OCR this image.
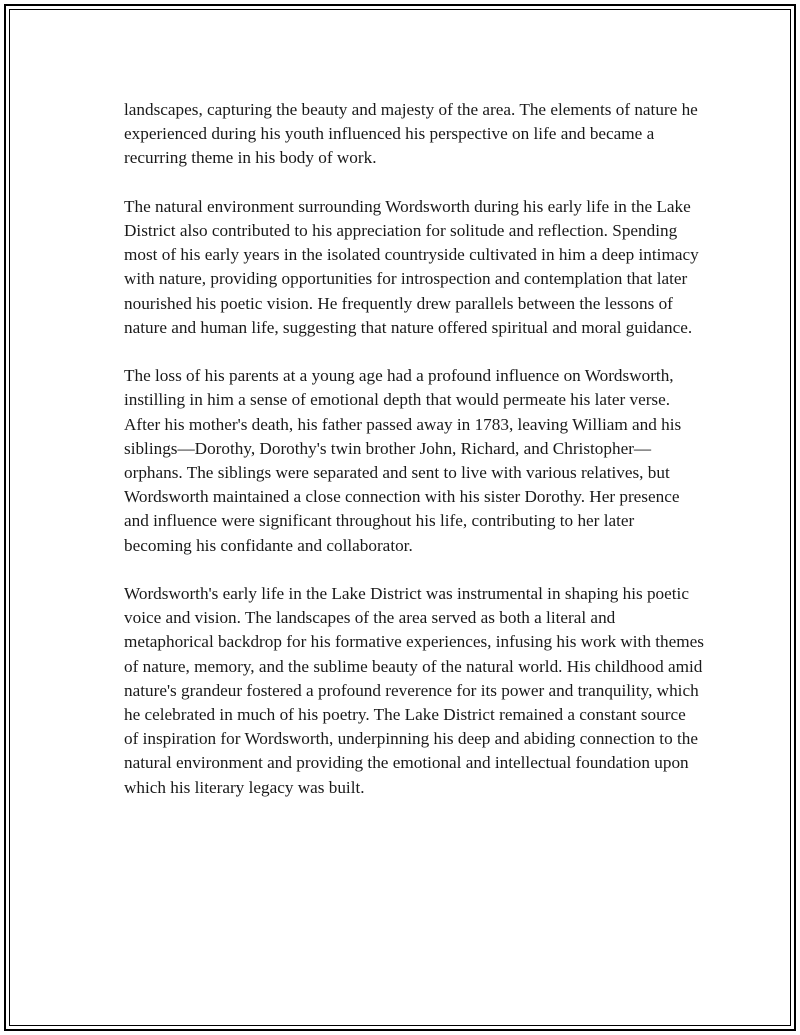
landscapes, capturing the beauty and majesty of the area. The elements of nature he experienced during his youth influenced his perspective on life and became a recurring theme in his body of work.

The natural environment surrounding Wordsworth during his early life in the Lake District also contributed to his appreciation for solitude and reflection. Spending most of his early years in the isolated countryside cultivated in him a deep intimacy with nature, providing opportunities for introspection and contemplation that later nourished his poetic vision. He frequently drew parallels between the lessons of nature and human life, suggesting that nature offered spiritual and moral guidance.

The loss of his parents at a young age had a profound influence on Wordsworth, instilling in him a sense of emotional depth that would permeate his later verse. After his mother's death, his father passed away in 1783, leaving William and his siblings—Dorothy, Dorothy's twin brother John, Richard, and Christopher—orphans. The siblings were separated and sent to live with various relatives, but Wordsworth maintained a close connection with his sister Dorothy. Her presence and influence were significant throughout his life, contributing to her later becoming his confidante and collaborator.

Wordsworth's early life in the Lake District was instrumental in shaping his poetic voice and vision. The landscapes of the area served as both a literal and metaphorical backdrop for his formative experiences, infusing his work with themes of nature, memory, and the sublime beauty of the natural world. His childhood amid nature's grandeur fostered a profound reverence for its power and tranquility, which he celebrated in much of his poetry. The Lake District remained a constant source of inspiration for Wordsworth, underpinning his deep and abiding connection to the natural environment and providing the emotional and intellectual foundation upon which his literary legacy was built.
